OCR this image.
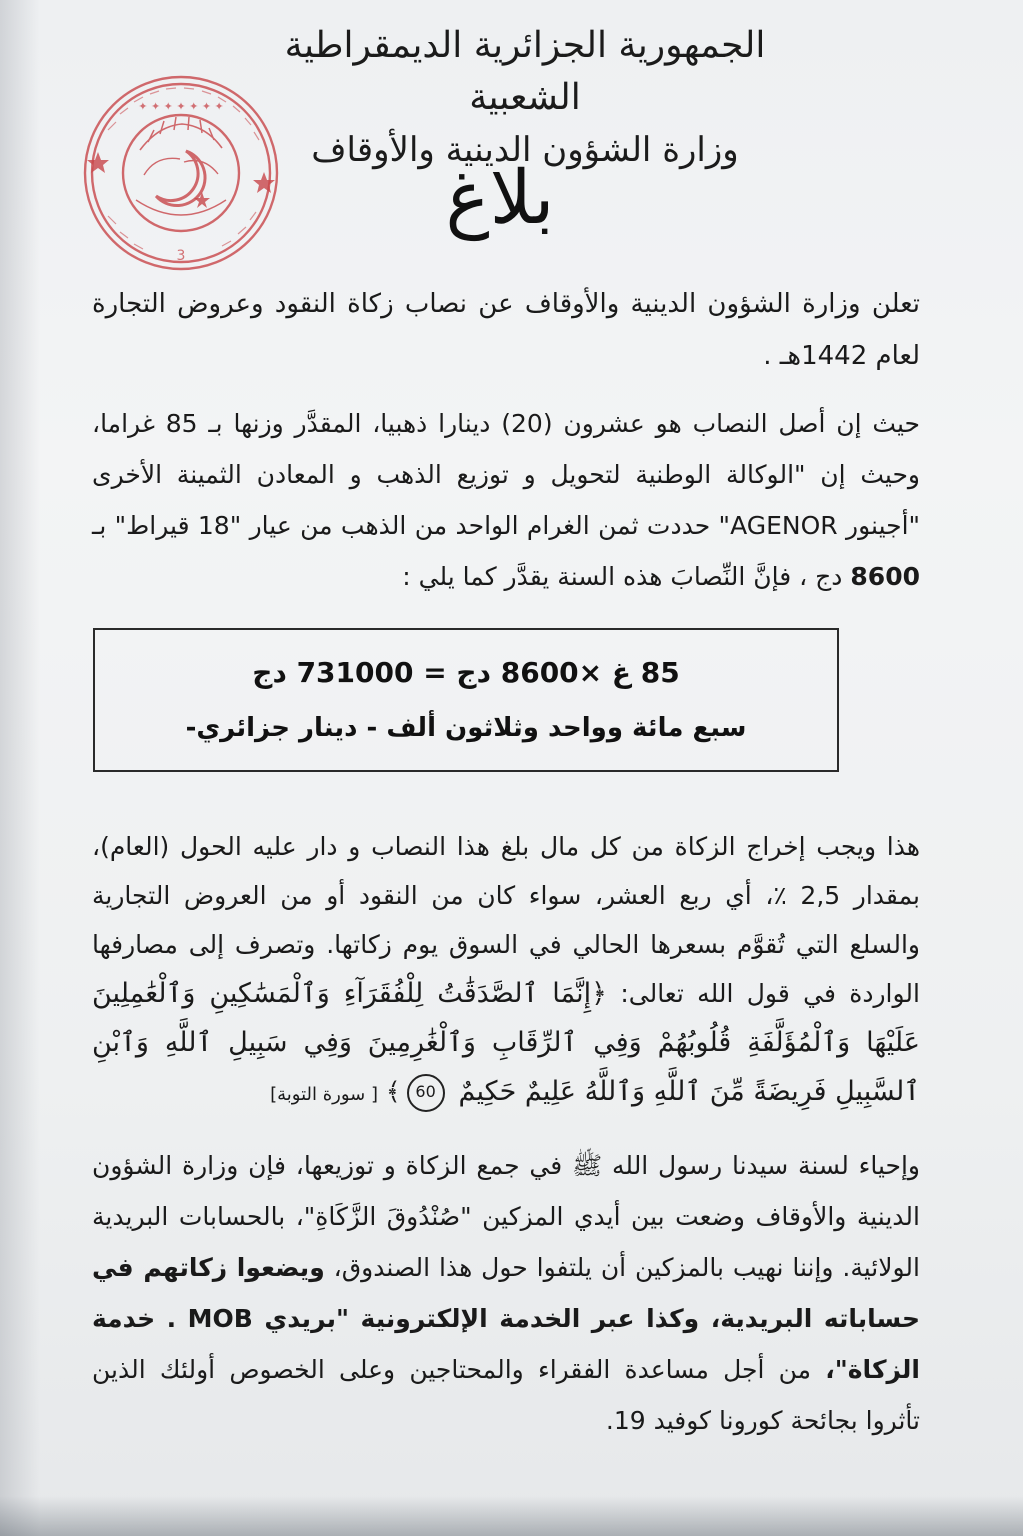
الجمهورية الجزائرية الديمقراطية الشعبية
وزارة الشؤون الدينية والأوقاف
✦ ✦ ✦ ✦ ✦ ✦ ✦
3
بلاغ
تعلن وزارة الشؤون الدينية والأوقاف عن نصاب زكاة النقود وعروض التجارة لعام 1442هـ .
حيث إن أصل النصاب هو عشرون (20) دينارا ذهبيا، المقدَّر وزنها بـ 85 غراما، وحيث إن "الوكالة الوطنية لتحويل و توزيع الذهب و المعادن الثمينة الأخرى "أجينور AGENOR" حددت ثمن الغرام الواحد من الذهب من عيار "18 قيراط" بـ 8600 دج ، فإنَّ النِّصابَ هذه السنة يقدَّر كما يلي :
85 غ ×8600 دج = 731000 دج
سبع مائة وواحد وثلاثون ألف - دينار جزائري-
هذا ويجب إخراج الزكاة من كل مال بلغ هذا النصاب و دار عليه الحول (العام)، بمقدار 2,5 ٪، أي ربع العشر، سواء كان من النقود أو من العروض التجارية والسلع التي تُقوَّم بسعرها الحالي في السوق يوم زكاتها. وتصرف إلى مصارفها الواردة في قول الله تعالى: ﴿إِنَّمَا ٱلصَّدَقَٰتُ لِلْفُقَرَآءِ وَٱلْمَسَٰكِينِ وَٱلْعَٰمِلِينَ عَلَيْهَا وَٱلْمُؤَلَّفَةِ قُلُوبُهُمْ وَفِي ٱلرِّقَابِ وَٱلْغَٰرِمِينَ وَفِي سَبِيلِ ٱللَّهِ وَٱبْنِ ٱلسَّبِيلِ فَرِيضَةً مِّنَ ٱللَّهِ وَٱللَّهُ عَلِيمٌ حَكِيمٌ 60﴾ [ سورة التوبة]
وإحياء لسنة سيدنا رسول الله ﷺ في جمع الزكاة و توزيعها، فإن وزارة الشؤون الدينية والأوقاف وضعت بين أيدي المزكين "صُنْدُوقَ الزَّكَاةِ"، بالحسابات البريدية الولائية. وإننا نهيب بالمزكين أن يلتفوا حول هذا الصندوق، ويضعوا زكاتهم في حساباته البريدية، وكذا عبر الخدمة الإلكترونية "بريدي MOB . خدمة الزكاة"، من أجل مساعدة الفقراء والمحتاجين وعلى الخصوص أولئك الذين تأثروا بجائحة كورونا كوفيد 19.
